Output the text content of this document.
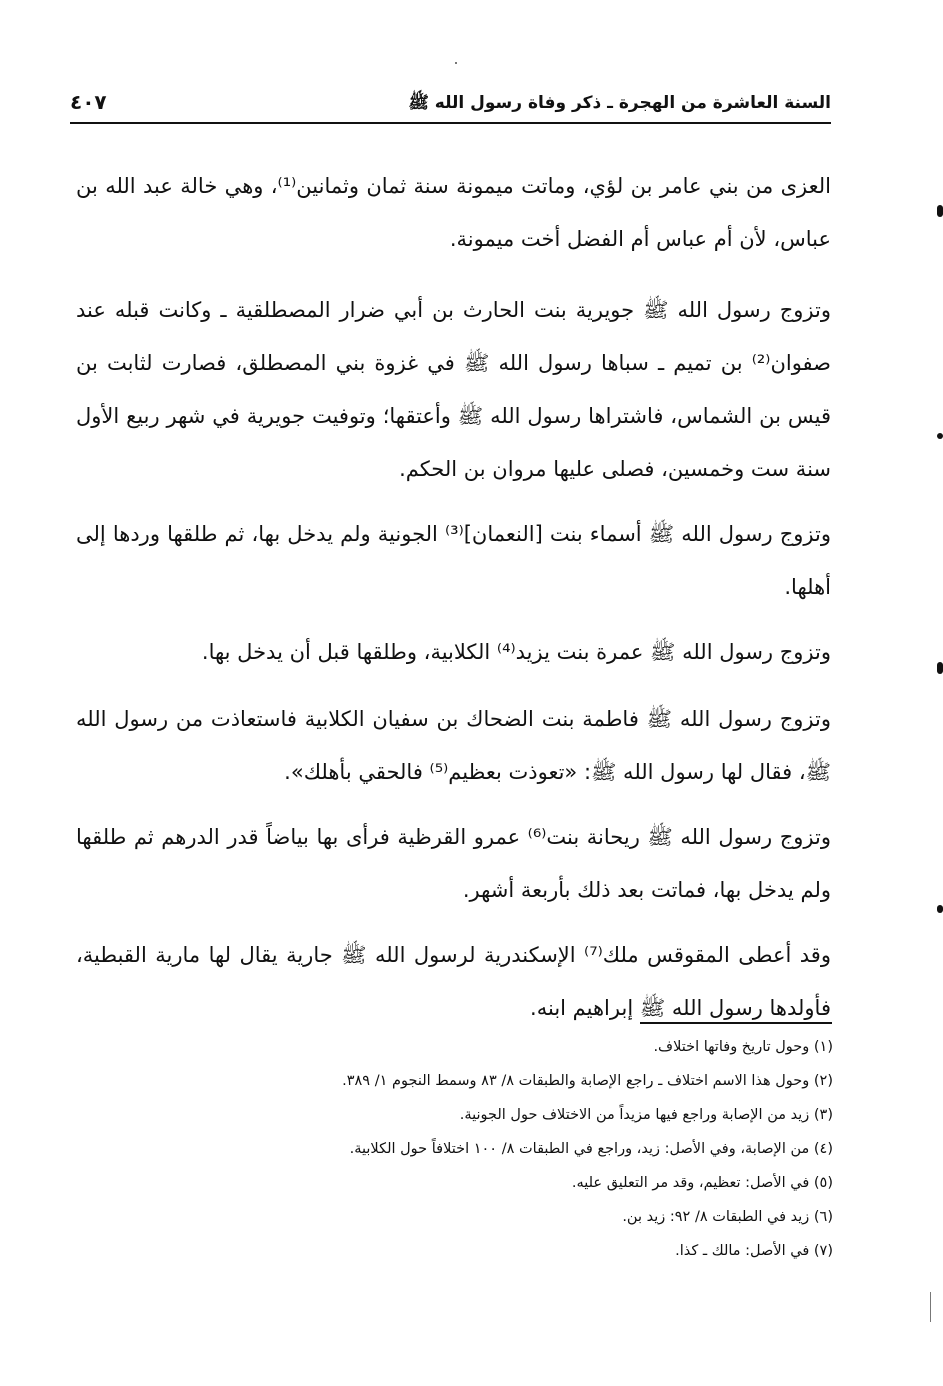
السنة العاشرة من الهجرة ـ ذكر وفاة رسول الله ﷺ
٤٠٧

العزى من بني عامر بن لؤي، وماتت ميمونة سنة ثمان وثمانين⁽¹⁾، وهي خالة عبد الله بن عباس، لأن أم عباس أم الفضل أخت ميمونة.

وتزوج رسول الله ﷺ جويرية بنت الحارث بن أبي ضرار المصطلقية ـ وكانت قبله عند صفوان⁽²⁾ بن تميم ـ سباها رسول الله ﷺ في غزوة بني المصطلق، فصارت لثابت بن قيس بن الشماس، فاشتراها رسول الله ﷺ وأعتقها؛ وتوفيت جويرية في شهر ربيع الأول سنة ست وخمسين، فصلى عليها مروان بن الحكم.

وتزوج رسول الله ﷺ أسماء بنت [النعمان]⁽³⁾ الجونية ولم يدخل بها، ثم طلقها وردها إلى أهلها.

وتزوج رسول الله ﷺ عمرة بنت يزيد⁽⁴⁾ الكلابية، وطلقها قبل أن يدخل بها.

وتزوج رسول الله ﷺ فاطمة بنت الضحاك بن سفيان الكلابية فاستعاذت من رسول الله ﷺ، فقال لها رسول الله ﷺ: «تعوذت بعظيم⁽⁵⁾ فالحقي بأهلك».

وتزوج رسول الله ﷺ ريحانة بنت⁽⁶⁾ عمرو القرظية فرأى بها بياضاً قدر الدرهم ثم طلقها ولم يدخل بها، فماتت بعد ذلك بأربعة أشهر.

وقد أعطى المقوقس ملك⁽⁷⁾ الإسكندرية لرسول الله ﷺ جارية يقال لها مارية القبطية، فأولدها رسول الله ﷺ إبراهيم ابنه.

(١) وحول تاريخ وفاتها اختلاف.
(٢) وحول هذا الاسم اختلاف ـ راجع الإصابة والطبقات ٨/ ٨٣ وسمط النجوم ١/ ٣٨٩.
(٣) زيد من الإصابة وراجع فيها مزيداً من الاختلاف حول الجونية.
(٤) من الإصابة، وفي الأصل: زيد، وراجع في الطبقات ٨/ ١٠٠ اختلافاً حول الكلابية.
(٥) في الأصل: تعظيم، وقد مر التعليق عليه.
(٦) زيد في الطبقات ٨/ ٩٢: زيد بن.
(٧) في الأصل: مالك ـ كذا.
